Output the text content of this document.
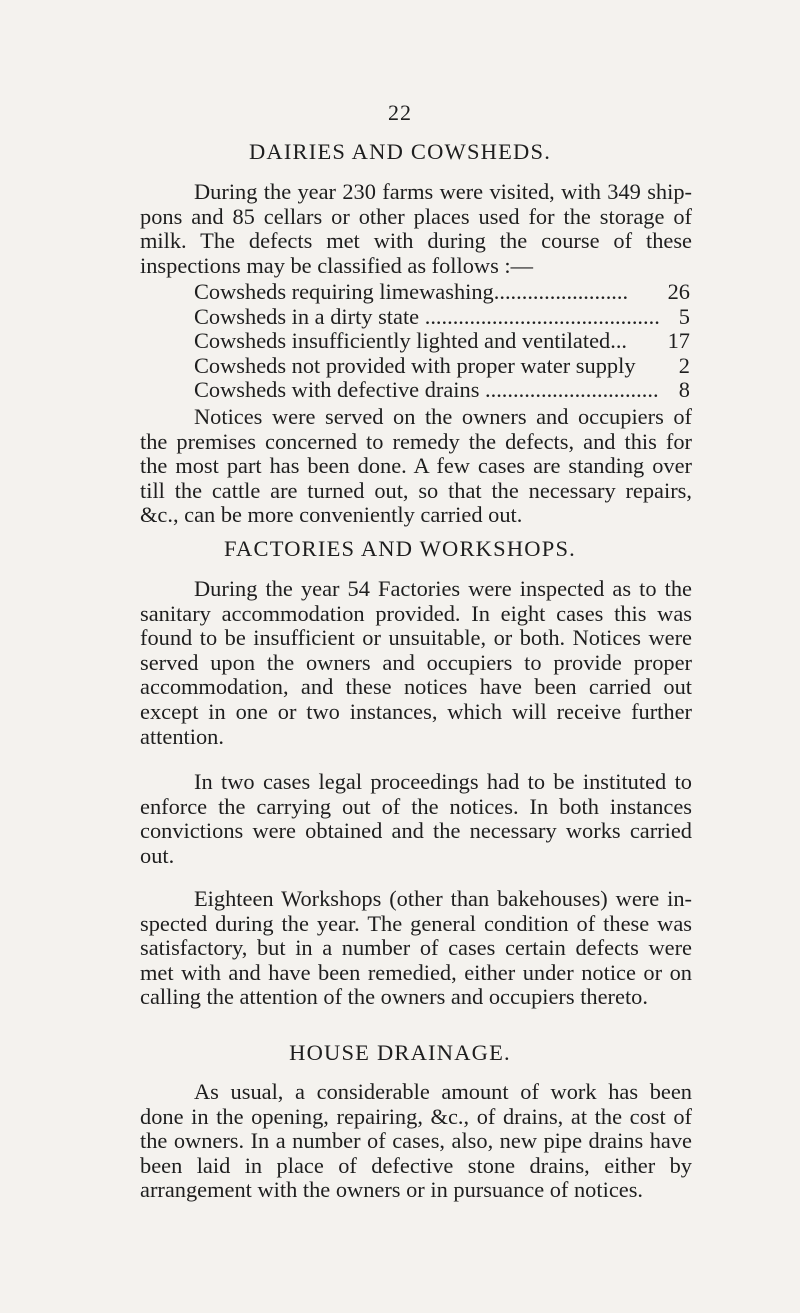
22
DAIRIES AND COWSHEDS.

During the year 230 farms were visited, with 349 shippons and 85 cellars or other places used for the storage of milk. The defects met with during the course of these inspections may be classified as follows :—

Cowsheds requiring limewashing........................ 26
Cowsheds in a dirty state .......................................... 5
Cowsheds insufficiently lighted and ventilated... 17
Cowsheds not provided with proper water supply 2
Cowsheds with defective drains ............................... 8

Notices were served on the owners and occupiers of the premises concerned to remedy the defects, and this for the most part has been done. A few cases are standing over till the cattle are turned out, so that the necessary repairs, &c., can be more conveniently carried out.

FACTORIES AND WORKSHOPS.

During the year 54 Factories were inspected as to the sanitary accommodation provided. In eight cases this was found to be insufficient or unsuitable, or both. Notices were served upon the owners and occupiers to provide proper accommodation, and these notices have been carried out except in one or two instances, which will receive further attention.

In two cases legal proceedings had to be instituted to enforce the carrying out of the notices. In both instances convictions were obtained and the necessary works carried out.

Eighteen Workshops (other than bakehouses) were inspected during the year. The general condition of these was satisfactory, but in a number of cases certain defects were met with and have been remedied, either under notice or on calling the attention of the owners and occupiers thereto.

HOUSE DRAINAGE.

As usual, a considerable amount of work has been done in the opening, repairing, &c., of drains, at the cost of the owners. In a number of cases, also, new pipe drains have been laid in place of defective stone drains, either by arrangement with the owners or in pursuance of notices.
